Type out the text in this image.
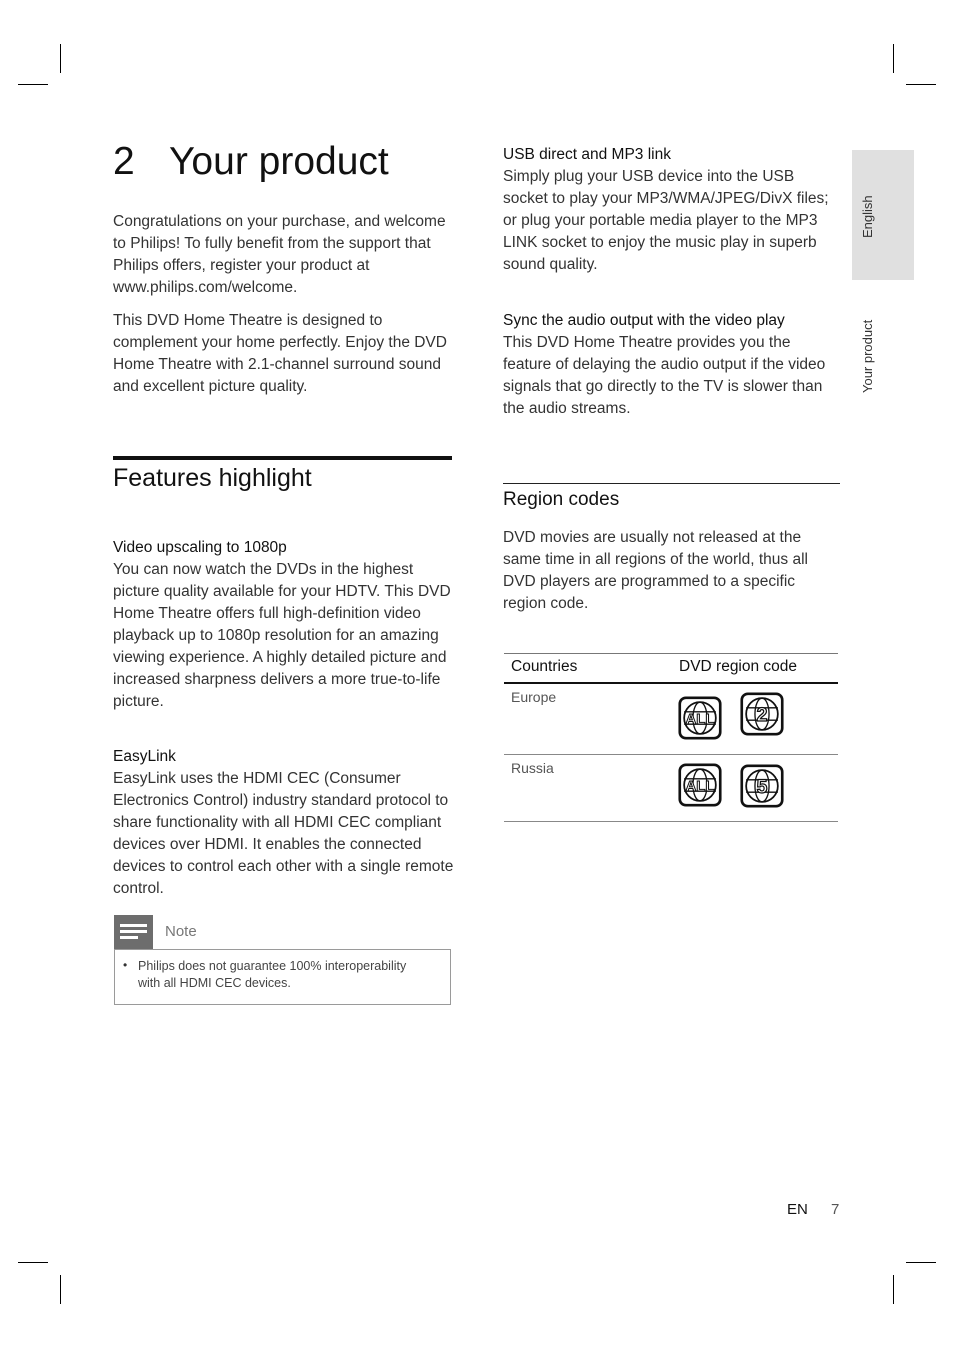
2 Your product

Congratulations on your purchase, and welcome to Philips! To fully benefit from the support that Philips offers, register your product at www.philips.com/welcome.

This DVD Home Theatre is designed to complement your home perfectly. Enjoy the DVD Home Theatre with 2.1-channel surround sound and excellent picture quality.

Features highlight

Video upscaling to 1080p

You can now watch the DVDs in the highest picture quality available for your HDTV. This DVD Home Theatre offers full high-definition video playback up to 1080p resolution for an amazing viewing experience. A highly detailed picture and increased sharpness delivers a more true-to-life picture.

EasyLink

EasyLink uses the HDMI CEC (Consumer Electronics Control) industry standard protocol to share functionality with all HDMI CEC compliant devices over HDMI. It enables the connected devices to control each other with a single remote control.

Note
• Philips does not guarantee 100% interoperability with all HDMI CEC devices.

USB direct and MP3 link

Simply plug your USB device into the USB socket to play your MP3/WMA/JPEG/DivX files; or plug your portable media player to the MP3 LINK socket to enjoy the music play in superb sound quality.

Sync the audio output with the video play

This DVD Home Theatre provides you the feature of delaying the audio output if the video signals that go directly to the TV is slower than the audio streams.

Region codes

DVD movies are usually not released at the same time in all regions of the world, thus all DVD players are programmed to a specific region code.

Countries	DVD region code
Europe
ALL 2
Russia
ALL 5
English
Your product
EN 7
